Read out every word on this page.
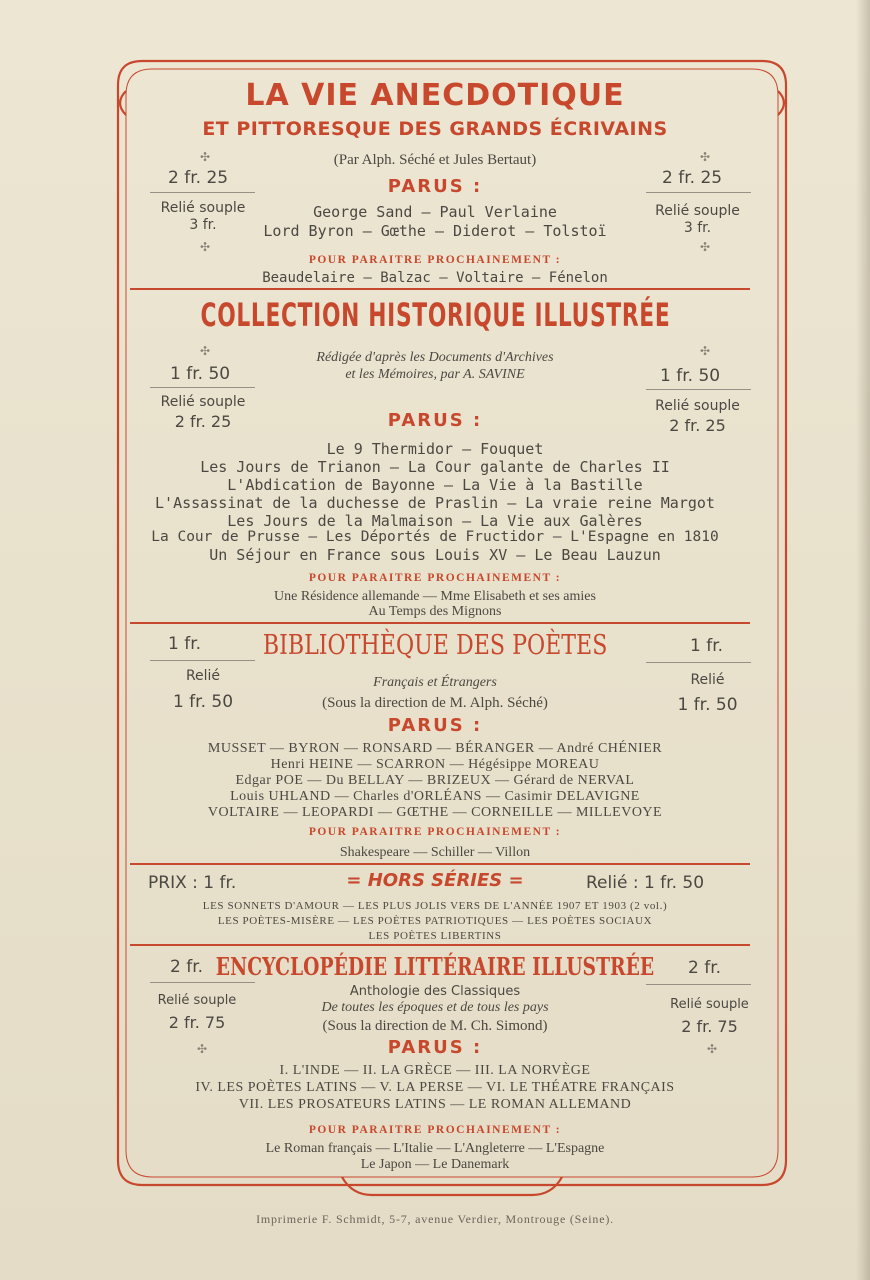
LA VIE ANECDOTIQUE
ET PITTORESQUE DES GRANDS ÉCRIVAINS
(Par Alph. Séché et Jules Bertaut)
✣	✣
2 fr. 25	2 fr. 25
PARUS :
Relié souple
3 fr.
Relié souple
3 fr.
George Sand — Paul Verlaine
Lord Byron — Gœthe — Diderot — Tolstoï
✣	✣
POUR PARAITRE PROCHAINEMENT :
Beaudelaire — Balzac — Voltaire — Fénelon
COLLECTION HISTORIQUE ILLUSTRÉE
✣	✣
Rédigée d'après les Documents d'Archives
et les Mémoires, par A. SAVINE
1 fr. 50	1 fr. 50
Relié souple
2 fr. 25
Relié souple
2 fr. 25
PARUS :
Le 9 Thermidor — Fouquet
Les Jours de Trianon — La Cour galante de Charles II
L'Abdication de Bayonne — La Vie à la Bastille
L'Assassinat de la duchesse de Praslin — La vraie reine Margot
Les Jours de la Malmaison — La Vie aux Galères
La Cour de Prusse — Les Déportés de Fructidor — L'Espagne en 1810
Un Séjour en France sous Louis XV — Le Beau Lauzun
POUR PARAITRE PROCHAINEMENT :
Une Résidence allemande — Mme Elisabeth et ses amies
Au Temps des Mignons
1 fr.	1 fr.
BIBLIOTHÈQUE DES POÈTES
Français et Étrangers
(Sous la direction de M. Alph. Séché)
Relié
1 fr. 50
Relié
1 fr. 50
PARUS :
MUSSET — BYRON — RONSARD — BÉRANGER — André CHÉNIER
Henri HEINE — SCARRON — Hégésippe MOREAU
Edgar POE — Du BELLAY — BRIZEUX — Gérard de NERVAL
Louis UHLAND — Charles d'ORLÉANS — Casimir DELAVIGNE
VOLTAIRE — LEOPARDI — GŒTHE — CORNEILLE — MILLEVOYE
POUR PARAITRE PROCHAINEMENT :
Shakespeare — Schiller — Villon
PRIX : 1 fr.	= HORS SÉRIES =	Relié : 1 fr. 50
LES SONNETS D'AMOUR — LES PLUS JOLIS VERS DE L'ANNÉE 1907 ET 1903 (2 vol.)
LES POÈTES-MISÈRE — LES POÈTES PATRIOTIQUES — LES POÈTES SOCIAUX
LES POÈTES LIBERTINS
2 fr.	2 fr.
ENCYCLOPÉDIE LITTÉRAIRE ILLUSTRÉE
Anthologie des Classiques
De toutes les époques et de tous les pays
(Sous la direction de M. Ch. Simond)
Relié souple
2 fr. 75
Relié souple
2 fr. 75
✣	✣
PARUS :
I. L'INDE — II. LA GRÈCE — III. LA NORVÈGE
IV. LES POÈTES LATINS — V. LA PERSE — VI. LE THÉATRE FRANÇAIS
VII. LES PROSATEURS LATINS — LE ROMAN ALLEMAND
POUR PARAITRE PROCHAINEMENT :
Le Roman français — L'Italie — L'Angleterre — L'Espagne
Le Japon — Le Danemark
Imprimerie F. Schmidt, 5-7, avenue Verdier, Montrouge (Seine).
